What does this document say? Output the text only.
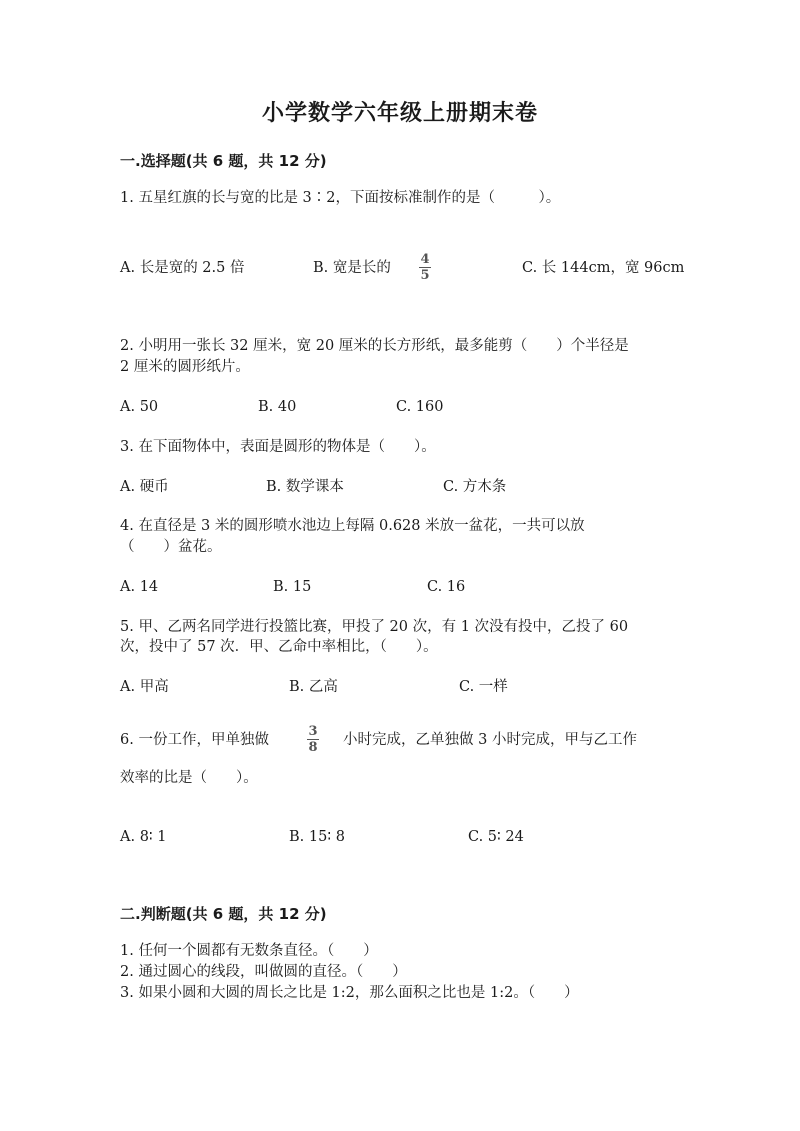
小学数学六年级上册期末卷
一.选择题(共 6 题，共 12 分)
1. 五星红旗的长与宽的比是 3∶2，下面按标准制作的是（　　　）。
A. 长是宽的 2.5 倍	B. 宽是长的
4
5	C. 长 144cm，宽 96cm
2. 小明用一张长 32 厘米，宽 20 厘米的长方形纸，最多能剪（　　）个半径是
2 厘米的圆形纸片。
A. 50	B. 40	C. 160
3. 在下面物体中，表面是圆形的物体是（　　）。
A. 硬币	B. 数学课本	C. 方木条
4. 在直径是 3 米的圆形喷水池边上每隔 0.628 米放一盆花，一共可以放
（　　）盆花。
A. 14	B. 15	C. 16
5. 甲、乙两名同学进行投篮比赛，甲投了 20 次，有 1 次没有投中，乙投了 60
次，投中了 57 次．甲、乙命中率相比，（　　）。
A. 甲高	B. 乙高	C. 一样
6. 一份工作，甲单独做
3
8 小时完成，乙单独做 3 小时完成，甲与乙工作
效率的比是（　　）。
A. 8∶ 1	B. 15∶ 8	C. 5∶ 24
二.判断题(共 6 题，共 12 分)
1. 任何一个圆都有无数条直径。（　　）
2. 通过圆心的线段，叫做圆的直径。（　　）
3. 如果小圆和大圆的周长之比是 1:2，那么面积之比也是 1:2。（　　）
